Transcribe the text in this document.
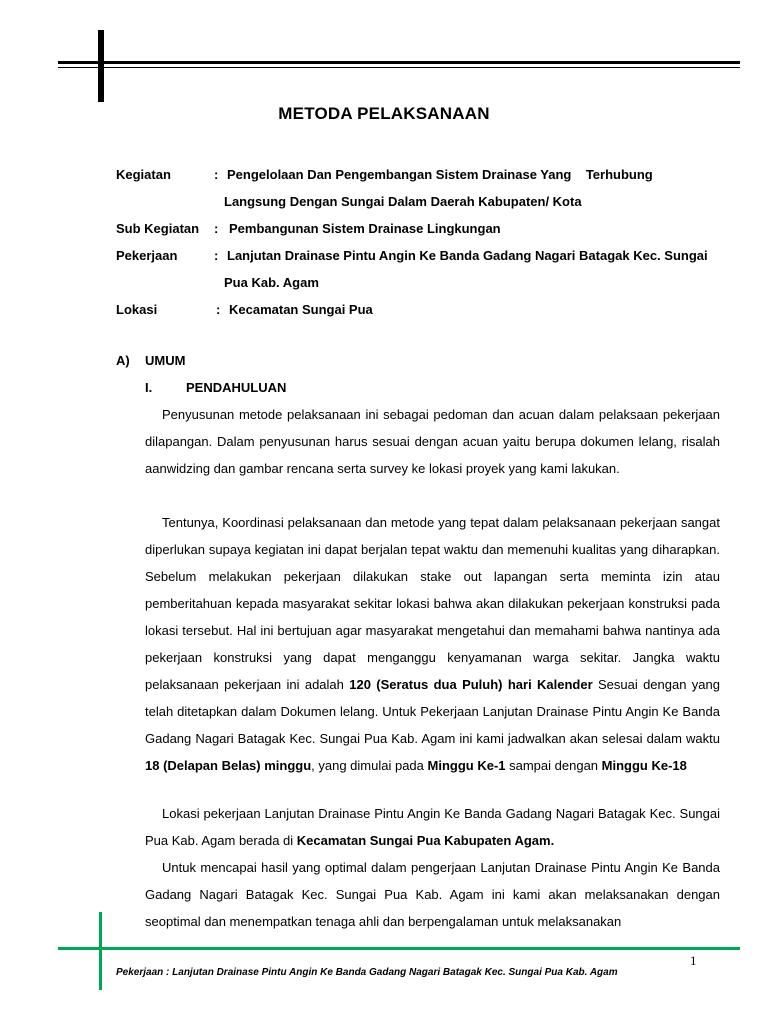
METODA PELAKSANAAN
Kegiatan	: Pengelolaan Dan Pengembangan Sistem Drainase Yang    Terhubung
Langsung Dengan Sungai Dalam Daerah Kabupaten/ Kota
Sub Kegiatan : Pembangunan Sistem Drainase Lingkungan
Pekerjaan	: Lanjutan Drainase Pintu Angin Ke Banda Gadang Nagari Batagak Kec. Sungai
Pua Kab. Agam
Lokasi	: Kecamatan Sungai Pua
A) UMUM
I.	PENDAHULUAN

Penyusunan metode pelaksanaan ini sebagai pedoman dan acuan dalam pelaksaan pekerjaan dilapangan. Dalam penyusunan harus sesuai dengan acuan yaitu berupa dokumen lelang, risalah aanwidzing dan gambar rencana serta survey ke lokasi proyek yang kami lakukan.

Tentunya, Koordinasi pelaksanaan dan metode yang tepat dalam pelaksanaan pekerjaan sangat diperlukan supaya kegiatan ini dapat berjalan tepat waktu dan memenuhi kualitas yang diharapkan. Sebelum melakukan pekerjaan dilakukan stake out lapangan serta meminta izin atau pemberitahuan kepada masyarakat sekitar lokasi bahwa akan dilakukan pekerjaan konstruksi pada lokasi tersebut. Hal ini bertujuan agar masyarakat mengetahui dan memahami bahwa nantinya ada pekerjaan konstruksi yang dapat menganggu kenyamanan warga sekitar. Jangka waktu pelaksanaan pekerjaan ini adalah 120 (Seratus dua Puluh) hari Kalender Sesuai dengan yang telah ditetapkan dalam Dokumen lelang. Untuk Pekerjaan Lanjutan Drainase Pintu Angin Ke Banda Gadang Nagari Batagak Kec. Sungai Pua Kab. Agam ini kami jadwalkan akan selesai dalam waktu 18 (Delapan Belas) minggu, yang dimulai pada Minggu Ke-1 sampai dengan Minggu Ke-18

Lokasi pekerjaan Lanjutan Drainase Pintu Angin Ke Banda Gadang Nagari Batagak Kec. Sungai Pua Kab. Agam berada di Kecamatan Sungai Pua Kabupaten Agam.

Untuk mencapai hasil yang optimal dalam pengerjaan Lanjutan Drainase Pintu Angin Ke Banda Gadang Nagari Batagak Kec. Sungai Pua Kab. Agam ini kami akan melaksanakan dengan seoptimal dan menempatkan tenaga ahli dan berpengalaman untuk melaksanakan

1
Pekerjaan : Lanjutan Drainase Pintu Angin Ke Banda Gadang Nagari Batagak Kec. Sungai Pua Kab. Agam
